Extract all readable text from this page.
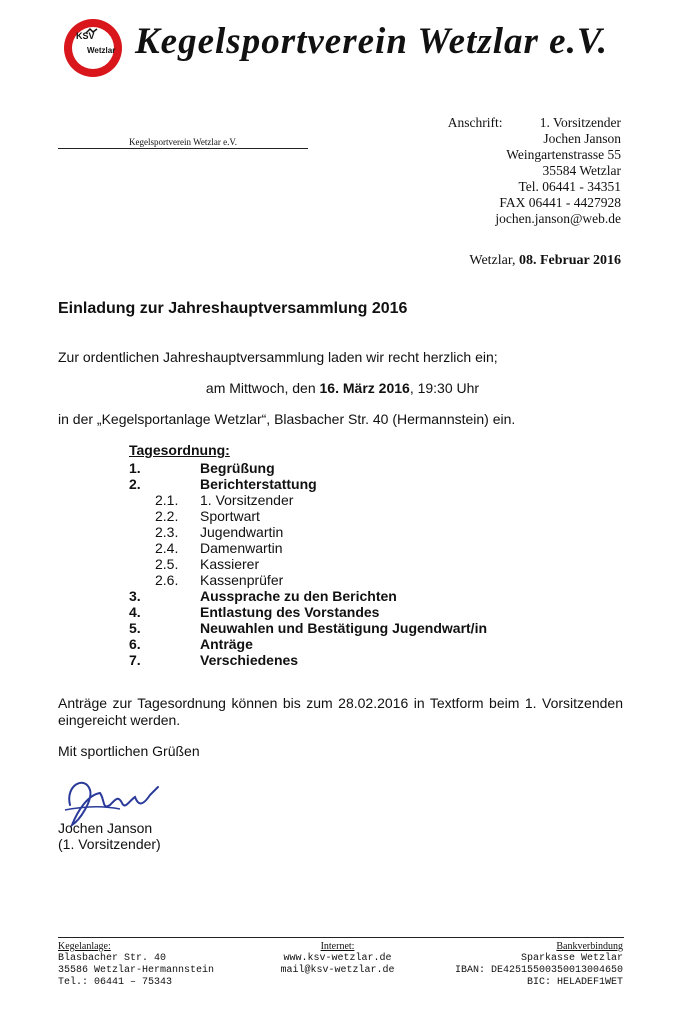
KSV
Wetzlar Kegelsportverein Wetzlar e.V.
Kegelsportverein Wetzlar e.V.
Anschrift:	1. Vorsitzender
Jochen Janson
Weingartenstrasse 55
35584 Wetzlar
Tel. 06441 - 34351
FAX 06441 - 4427928
jochen.janson@web.de
Wetzlar, 08. Februar 2016
Einladung zur Jahreshauptversammlung 2016
Zur ordentlichen Jahreshauptversammlung laden wir recht herzlich ein;
am Mittwoch, den 16. März 2016, 19:30 Uhr
in der „Kegelsportanlage Wetzlar“, Blasbacher Str. 40 (Hermannstein) ein.
Tagesordnung:
1.	Begrüßung
2.	Berichterstattung
2.1.	1. Vorsitzender
2.2.	Sportwart
2.3.	Jugendwartin
2.4.	Damenwartin
2.5.	Kassierer
2.6.	Kassenprüfer
3.	Aussprache zu den Berichten
4.	Entlastung des Vorstandes
5.	Neuwahlen und Bestätigung Jugendwart/in
6.	Anträge
7.	Verschiedenes
Anträge zur Tagesordnung können bis zum 28.02.2016 in Textform beim 1. Vorsitzenden eingereicht werden.
Mit sportlichen Grüßen
Jochen Janson
(1. Vorsitzender)
Kegelanlage:
Blasbacher Str. 40
35586 Wetzlar-Hermannstein
Tel.: 06441 – 75343
Internet:
www.ksv-wetzlar.de
mail@ksv-wetzlar.de
Bankverbindung
Sparkasse Wetzlar
IBAN: DE42515500350013004650
BIC: HELADEF1WET
